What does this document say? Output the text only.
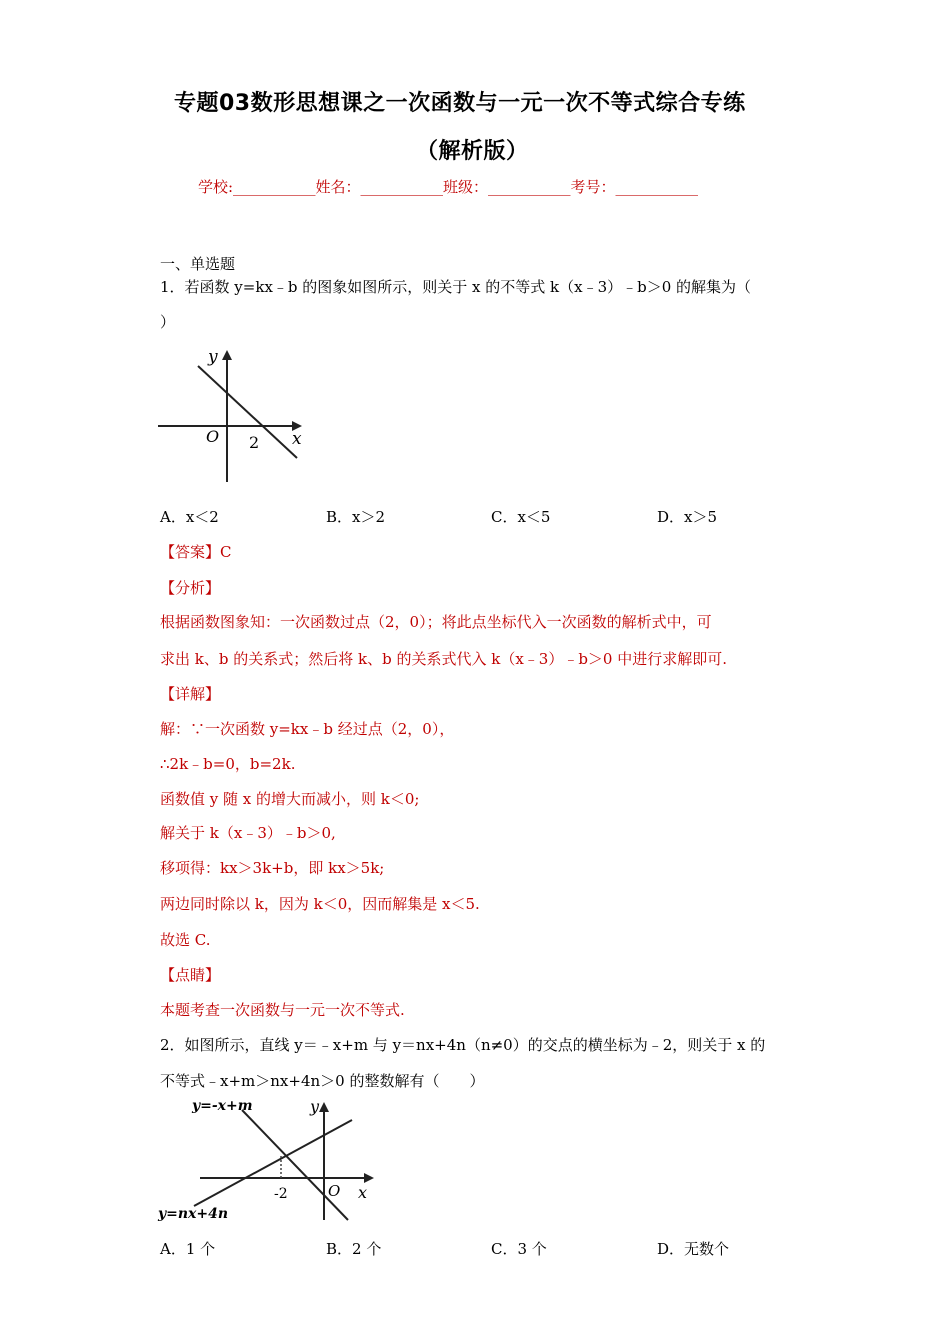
专题03数形思想课之一次函数与一元一次不等式综合专练
（解析版）
学校:___________姓名：___________班级：___________考号：___________
一、单选题
1．若函数 y=kx﹣b 的图象如图所示，则关于 x 的不等式 k（x﹣3）﹣b＞0 的解集为（
）
y
x
O 2
A．x＜2	B．x＞2	C．x＜5	D．x＞5
【答案】C
【分析】
根据函数图象知：一次函数过点（2，0）；将此点坐标代入一次函数的解析式中，可
求出 k、b 的关系式；然后将 k、b 的关系式代入 k（x﹣3）﹣b＞0 中进行求解即可.
【详解】
解：∵一次函数 y=kx﹣b 经过点（2，0），
∴2k﹣b=0，b=2k.
函数值 y 随 x 的增大而减小，则 k＜0;
解关于 k（x﹣3）﹣b＞0,
移项得：kx＞3k+b，即 kx＞5k;
两边同时除以 k，因为 k＜0，因而解集是 x＜5.
故选 C.
【点睛】
本题考查一次函数与一元一次不等式.
2．如图所示，直线 y＝﹣x+m 与 y＝nx+4n（n≠0）的交点的横坐标为﹣2，则关于 x 的
不等式﹣x+m＞nx+4n＞0 的整数解有（　　）
y=-x+m
y=nx+4n
y
x
O
-2
A．1 个	B．2 个	C．3 个	D．无数个
